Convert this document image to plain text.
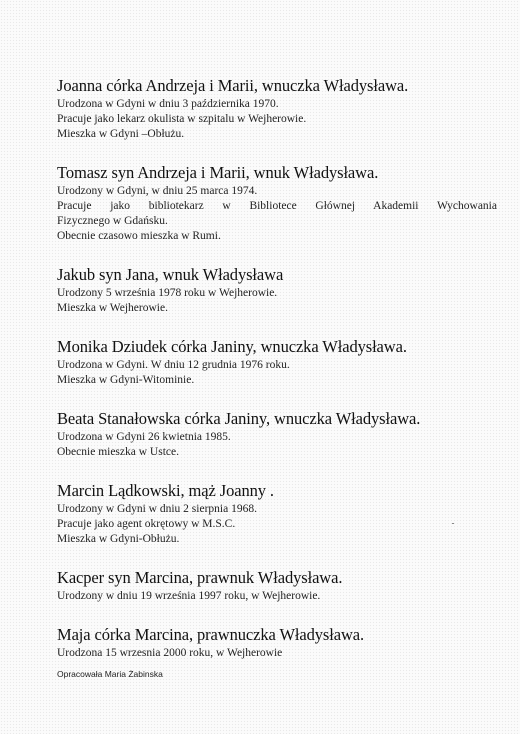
Joanna córka Andrzeja i Marii, wnuczka Władysława.

Urodzona w Gdyni w dniu 3 października 1970.

Pracuje jako lekarz okulista w szpitalu w Wejherowie.

Mieszka w Gdyni –Obłużu.

Tomasz syn Andrzeja i Marii, wnuk Władysława.

Urodzony w Gdyni, w dniu 25 marca 1974.

Pracuje jako bibliotekarz w Bibliotece Głównej Akademii Wychowania

Fizycznego w Gdańsku.

Obecnie czasowo mieszka w Rumi.

Jakub syn Jana, wnuk Władysława

Urodzony 5 września 1978 roku w Wejherowie.

Mieszka w Wejherowie.

Monika Dziudek córka Janiny, wnuczka Władysława.

Urodzona w Gdyni. W dniu 12 grudnia 1976 roku.

Mieszka w Gdyni-Witominie.

Beata Stanałowska córka Janiny, wnuczka Władysława.

Urodzona w Gdyni 26 kwietnia 1985.

Obecnie mieszka w Ustce.

Marcin Lądkowski, mąż Joanny .

Urodzony w Gdyni w dniu 2 sierpnia 1968.

Pracuje jako agent okrętowy w M.S.C.

Mieszka w Gdyni-Obłużu.

Kacper syn Marcina, prawnuk Władysława.

Urodzony w dniu 19 września 1997 roku, w Wejherowie.

Maja córka Marcina, prawnuczka Władysława.

Urodzona 15 wrzesnia 2000 roku, w Wejherowie

Opracowała Maria Żabinska
